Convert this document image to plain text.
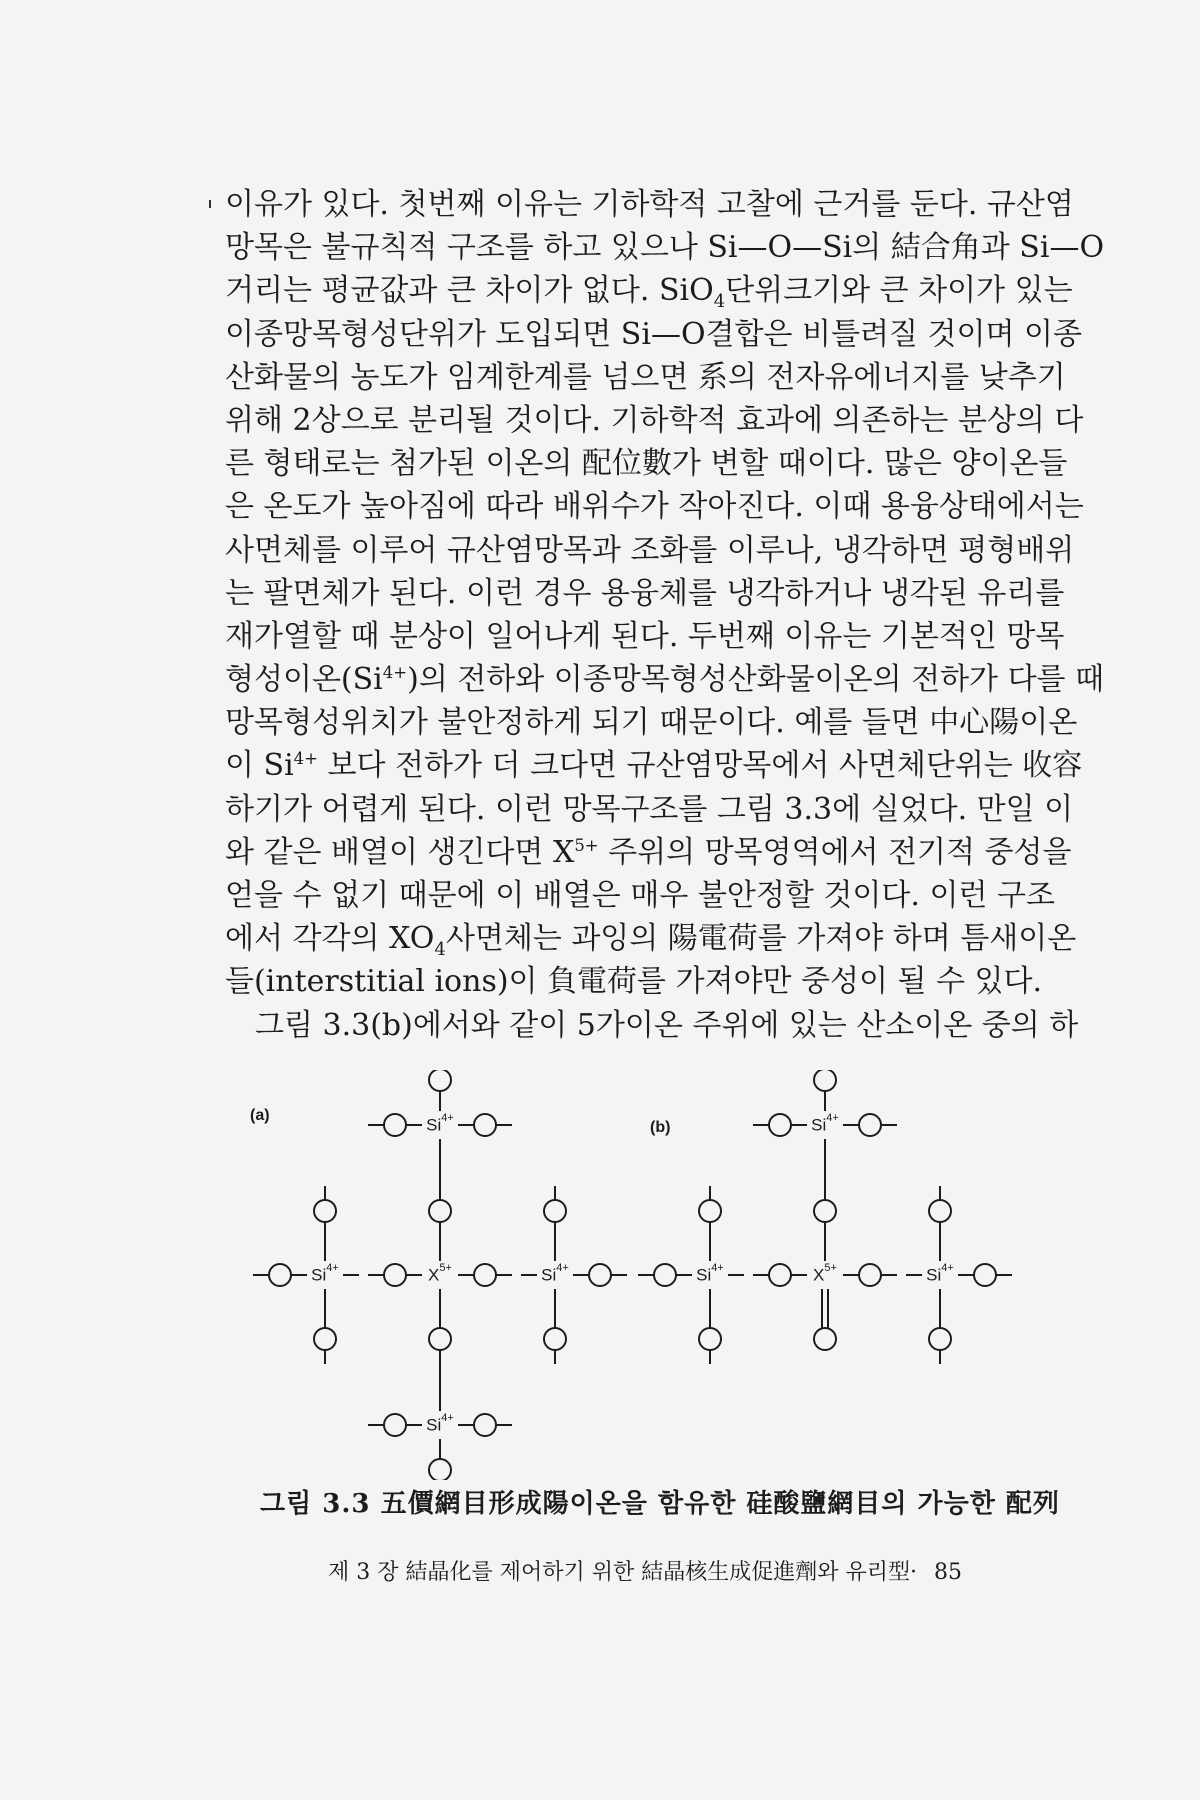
이유가 있다. 첫번째 이유는 기하학적 고찰에 근거를 둔다. 규산염
망목은 불규칙적 구조를 하고 있으나 Si—O—Si의 結合角과 Si—O
거리는 평균값과 큰 차이가 없다. SiO$_4$단위크기와 큰 차이가 있는
이종망목형성단위가 도입되면 Si—O결합은 비틀려질 것이며 이종
산화물의 농도가 임계한계를 넘으면 系의 전자유에너지를 낮추기
위해 2상으로 분리될 것이다. 기하학적 효과에 의존하는 분상의 다
른 형태로는 첨가된 이온의 配位數가 변할 때이다. 많은 양이온들
은 온도가 높아짐에 따라 배위수가 작아진다. 이때 용융상태에서는
사면체를 이루어 규산염망목과 조화를 이루나, 냉각하면 평형배위
는 팔면체가 된다. 이런 경우 용융체를 냉각하거나 냉각된 유리를
재가열할 때 분상이 일어나게 된다. 두번째 이유는 기본적인 망목
형성이온$(Si^{4+})$의 전하와 이종망목형성산화물이온의 전하가 다를 때
망목형성위치가 불안정하게 되기 때문이다. 예를 들면 中心陽이온
이 $Si^{4+}$ 보다 전하가 더 크다면 규산염망목에서 사면체단위는 收容
하기가 어렵게 된다. 이런 망목구조를 그림 3.3에 실었다. 만일 이
와 같은 배열이 생긴다면 $X^{5+}$ 주위의 망목영역에서 전기적 중성을
얻을 수 없기 때문에 이 배열은 매우 불안정할 것이다. 이런 구조
에서 각각의 $XO_4$사면체는 과잉의 陽電荷를 가져야 하며 틈새이온
들(interstitial ions)이 負電荷를 가져야만 중성이 될 수 있다.
그림 3.3(b)에서와 같이 5가이온 주위에 있는 산소이온 중의 하
(a)
$X^{5+}$
$Si^{4+}$
$Si^{4+}$
$Si^{4+}$	$Si^{4+}$
(b)
$X^{5+}$
$Si^{4+}$
$Si^{4+}$	$Si^{4+}$
그림 3.3 五價網目形成陽이온을 함유한 硅酸鹽網目의 가능한 配列
제 3 장 結晶化를 제어하기 위한 結晶核生成促進劑와 유리型· 85
